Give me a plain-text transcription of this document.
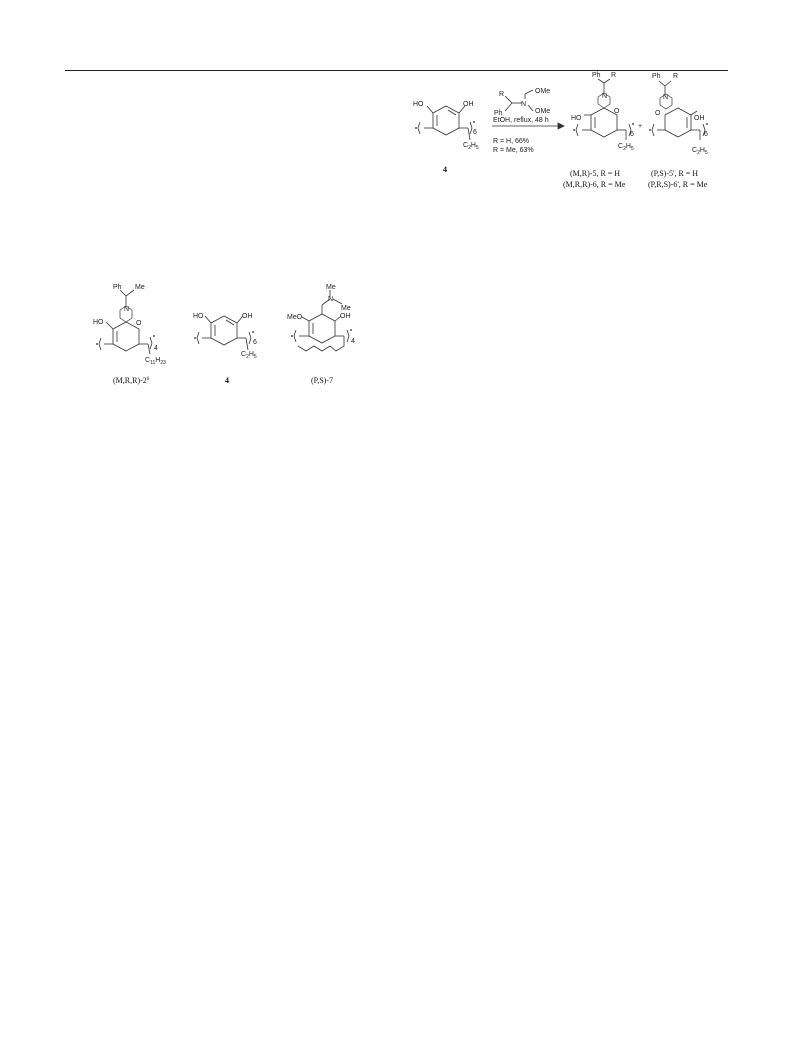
HO	OH
6
$C_2H_5$
4
R
Ph
N
OMe
OMe
EtOH, reflux, 48 h
R = H, 66%
R = Me, 63%
Ph R
N
O
HO
6
$C_2H_5$
(M,R)-5, R = H
(M,R,R)-6, R = Me
+
Ph R
N
O
OH
6
$C_2H_5$
(P,S)-5', R = H
(P,R,S)-6', R = Me
Ph Me
N
O
HO
4
$C_{11}H_{23}$
$(M,R,R)-2^6$
HO	OH
6
$C_2H_5$
4
Me
N
Me
MeO	OH
4
(P,S)-7
